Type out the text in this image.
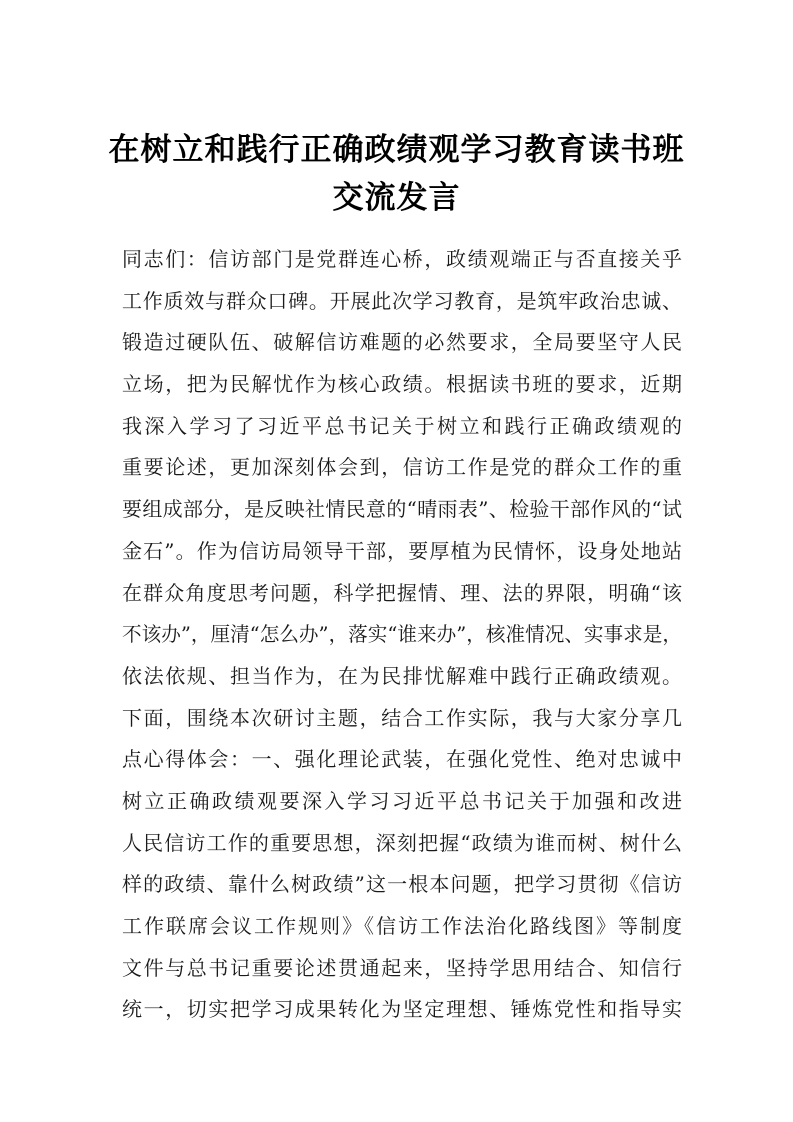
在树立和践行正确政绩观学习教育读书班
交流发言
同志们：信访部门是党群连心桥，政绩观端正与否直接关乎
工作质效与群众口碑。开展此次学习教育，是筑牢政治忠诚、
锻造过硬队伍、破解信访难题的必然要求，全局要坚守人民
立场，把为民解忧作为核心政绩。根据读书班的要求，近期
我深入学习了习近平总书记关于树立和践行正确政绩观的
重要论述，更加深刻体会到，信访工作是党的群众工作的重
要组成部分，是反映社情民意的“晴雨表”、检验干部作风的“试
金石”。作为信访局领导干部，要厚植为民情怀，设身处地站
在群众角度思考问题，科学把握情、理、法的界限，明确“该
不该办”，厘清“怎么办”，落实“谁来办”，核准情况、实事求是，
依法依规、担当作为，在为民排忧解难中践行正确政绩观。
下面，围绕本次研讨主题，结合工作实际，我与大家分享几
点心得体会：一、强化理论武装，在强化党性、绝对忠诚中
树立正确政绩观要深入学习习近平总书记关于加强和改进
人民信访工作的重要思想，深刻把握“政绩为谁而树、树什么
样的政绩、靠什么树政绩”这一根本问题，把学习贯彻《信访
工作联席会议工作规则》《信访工作法治化路线图》等制度
文件与总书记重要论述贯通起来，坚持学思用结合、知信行
统一，切实把学习成果转化为坚定理想、锤炼党性和指导实
